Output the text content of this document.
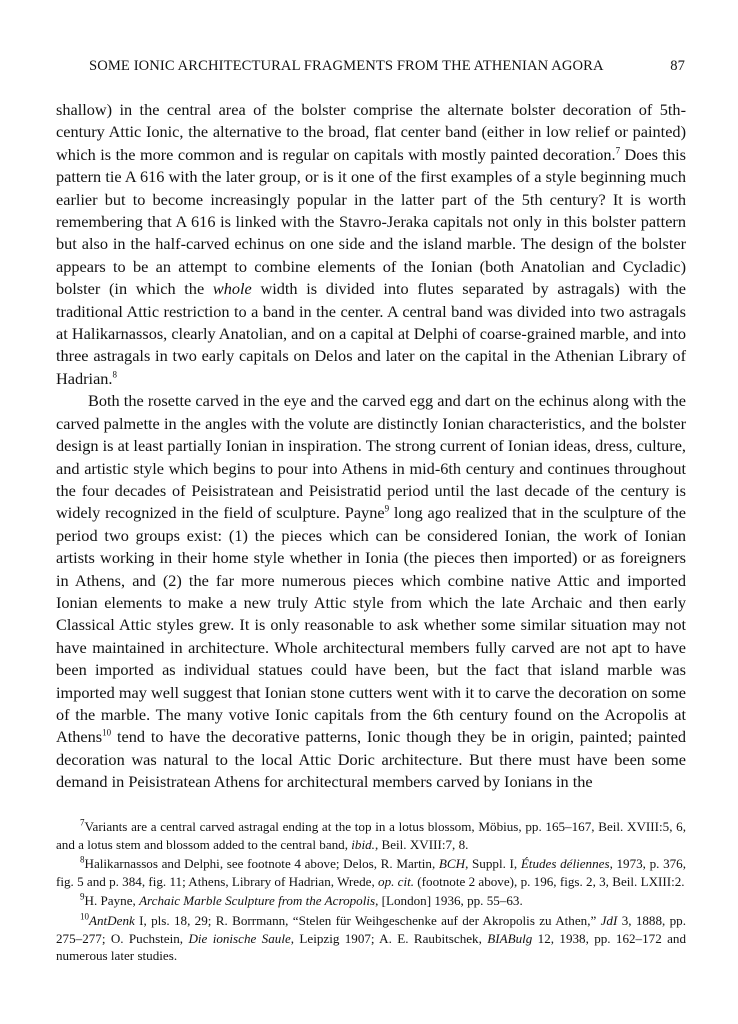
SOME IONIC ARCHITECTURAL FRAGMENTS FROM THE ATHENIAN AGORA	87

shallow) in the central area of the bolster comprise the alternate bolster decoration of 5th-century Attic Ionic, the alternative to the broad, flat center band (either in low relief or painted) which is the more common and is regular on capitals with mostly painted decoration.$^7$ Does this pattern tie A 616 with the later group, or is it one of the first examples of a style beginning much earlier but to become increasingly popular in the latter part of the 5th century? It is worth remembering that A 616 is linked with the Stavro-Jeraka capitals not only in this bolster pattern but also in the half-carved echinus on one side and the island marble. The design of the bolster appears to be an attempt to combine elements of the Ionian (both Anatolian and Cycladic) bolster (in which the whole width is divided into flutes separated by astragals) with the traditional Attic restriction to a band in the center. A central band was divided into two astragals at Halikarnassos, clearly Anatolian, and on a capital at Delphi of coarse-grained marble, and into three astragals in two early capitals on Delos and later on the capital in the Athenian Library of Hadrian.$^8$

Both the rosette carved in the eye and the carved egg and dart on the echinus along with the carved palmette in the angles with the volute are distinctly Ionian characteristics, and the bolster design is at least partially Ionian in inspiration. The strong current of Ionian ideas, dress, culture, and artistic style which begins to pour into Athens in mid-6th century and continues throughout the four decades of Peisistratean and Peisistratid period until the last decade of the century is widely recognized in the field of sculpture. Payne$^9$ long ago realized that in the sculpture of the period two groups exist: (1) the pieces which can be considered Ionian, the work of Ionian artists working in their home style whether in Ionia (the pieces then imported) or as foreigners in Athens, and (2) the far more numerous pieces which combine native Attic and imported Ionian elements to make a new truly Attic style from which the late Archaic and then early Classical Attic styles grew. It is only reasonable to ask whether some similar situation may not have maintained in architecture. Whole architectural members fully carved are not apt to have been imported as individual statues could have been, but the fact that island marble was imported may well suggest that Ionian stone cutters went with it to carve the decoration on some of the marble. The many votive Ionic capitals from the 6th century found on the Acropolis at Athens$^{10}$ tend to have the decorative patterns, Ionic though they be in origin, painted; painted decoration was natural to the local Attic Doric architecture. But there must have been some demand in Peisistratean Athens for architectural members carved by Ionians in the

$^7$Variants are a central carved astragal ending at the top in a lotus blossom, Möbius, pp. 165–167, Beil. XVIII:5, 6, and a lotus stem and blossom added to the central band, ibid., Beil. XVIII:7, 8.

$^8$Halikarnassos and Delphi, see footnote 4 above; Delos, R. Martin, BCH, Suppl. I, Études déliennes, 1973, p. 376, fig. 5 and p. 384, fig. 11; Athens, Library of Hadrian, Wrede, op. cit. (footnote 2 above), p. 196, figs. 2, 3, Beil. LXIII:2.

$^9$H. Payne, Archaic Marble Sculpture from the Acropolis, [London] 1936, pp. 55–63.

$^{10}$AntDenk I, pls. 18, 29; R. Borrmann, “Stelen für Weihgeschenke auf der Akropolis zu Athen,” JdI 3, 1888, pp. 275–277; O. Puchstein, Die ionische Saule, Leipzig 1907; A. E. Raubitschek, BIABulg 12, 1938, pp. 162–172 and numerous later studies.
